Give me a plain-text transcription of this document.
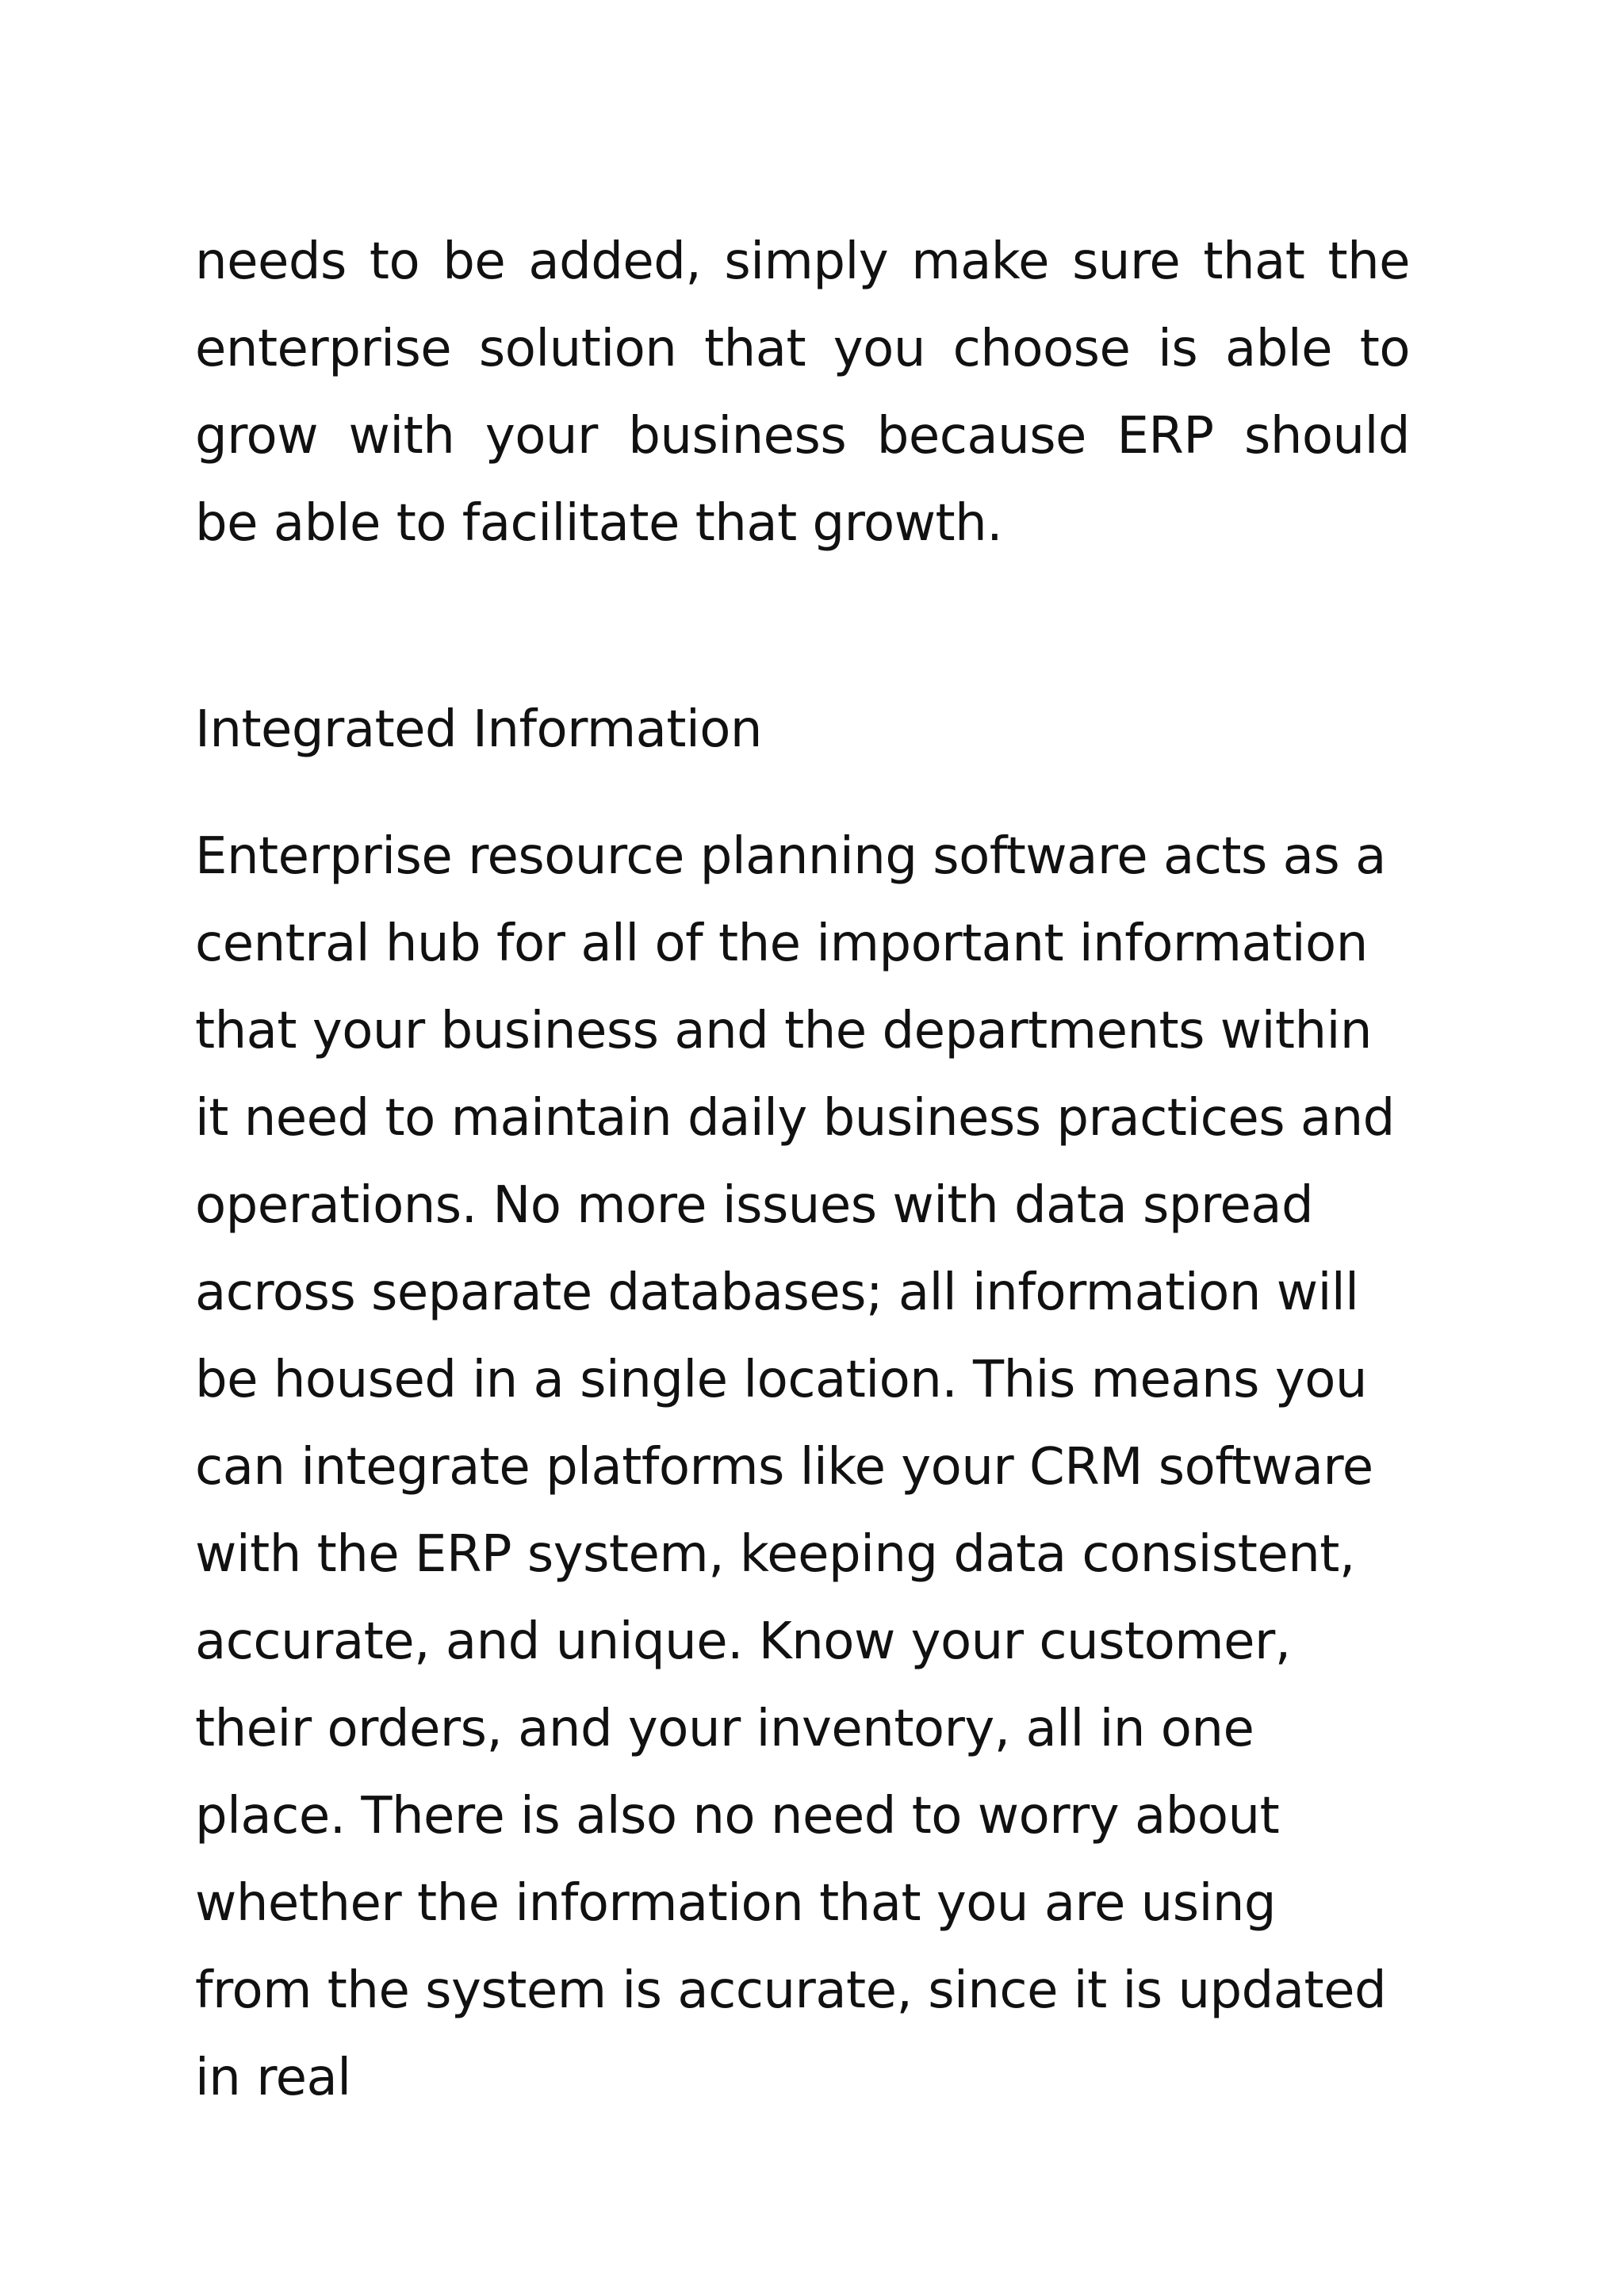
needs to be added, simply make sure that the
enterprise solution that you choose is able to
grow with your business because ERP should
be able to facilitate that growth.
Integrated Information
Enterprise resource planning software acts as a
central hub for all of the important information
that your business and the departments within
it need to maintain daily business practices and
operations. No more issues with data spread
across separate databases; all information will
be housed in a single location. This means you
can integrate platforms like your CRM software
with the ERP system, keeping data consistent,
accurate, and unique. Know your customer,
their orders, and your inventory, all in one
place. There is also no need to worry about
whether the information that you are using
from the system is accurate, since it is updated
in real
